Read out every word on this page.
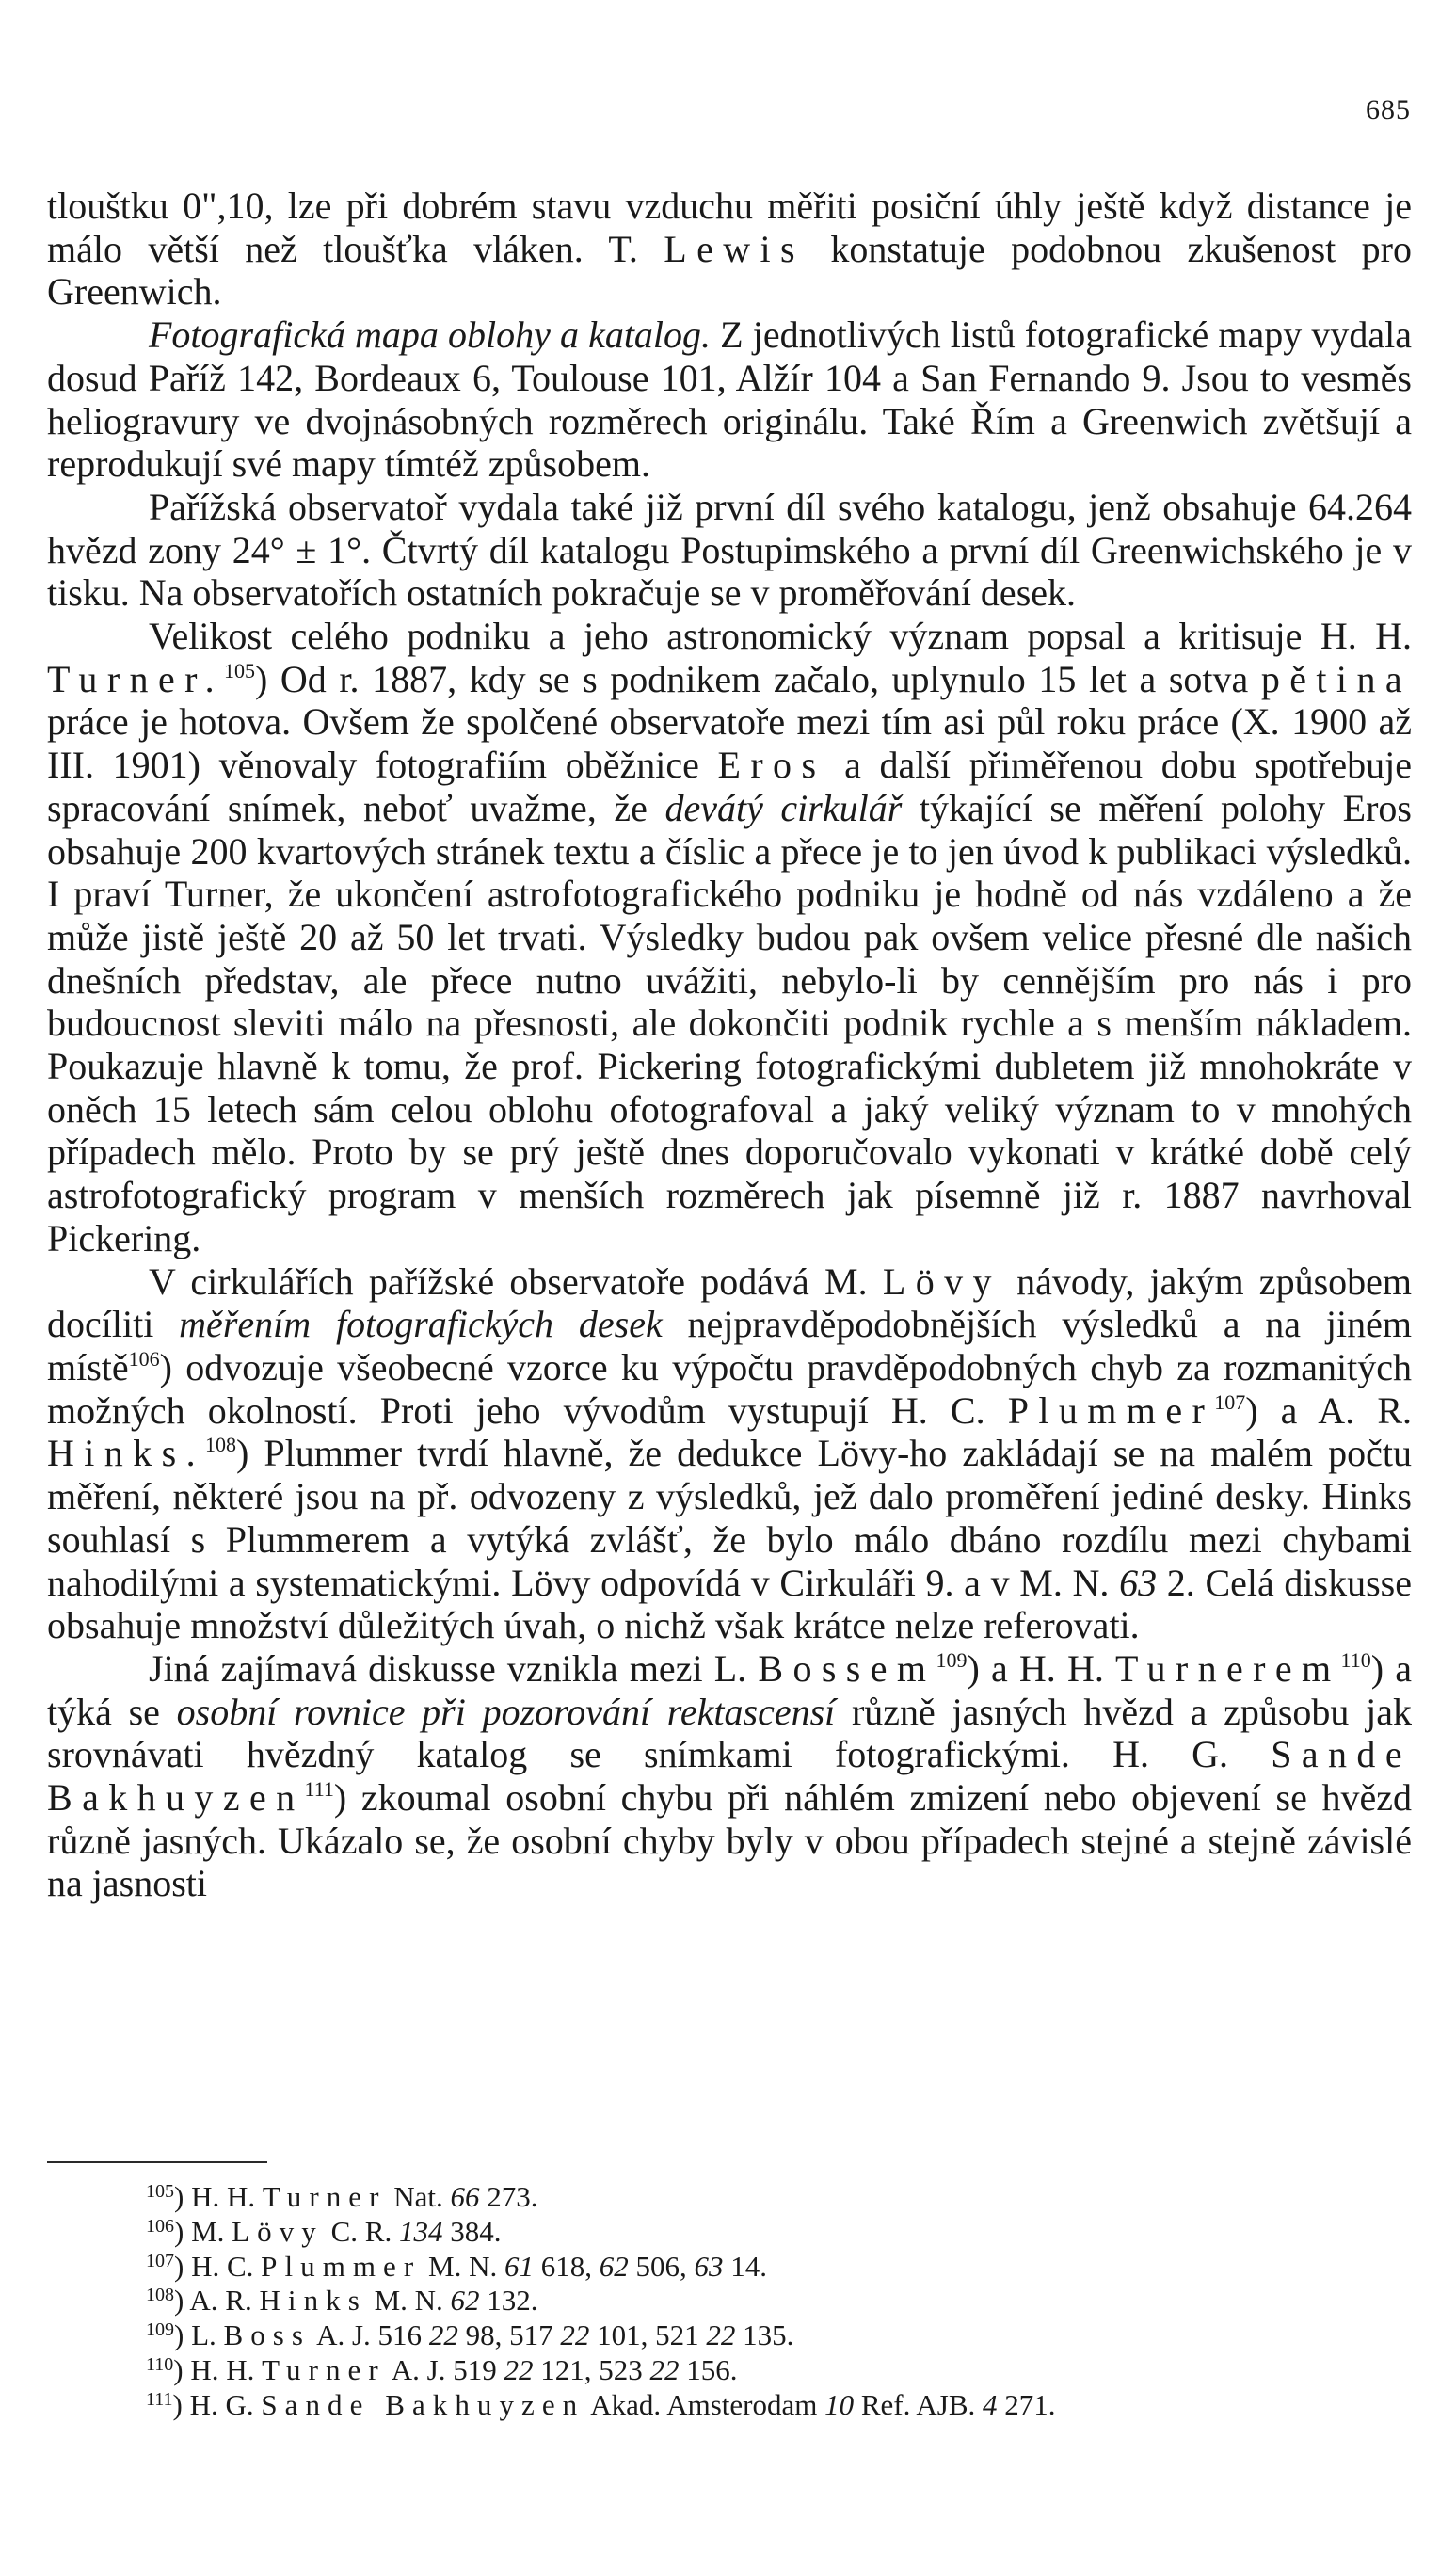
685

tlouštku 0",10, lze při dobrém stavu vzduchu měřiti posiční úhly ještě když distance je málo větší než tloušťka vláken. T. Lewis konstatuje podobnou zkušenost pro Greenwich.

Fotografická mapa oblohy a katalog. Z jednotlivých listů fotografické mapy vydala dosud Paříž 142, Bordeaux 6, Toulouse 101, Alžír 104 a San Fernando 9. Jsou to vesměs heliogravury ve dvojnásobných rozměrech originálu. Také Řím a Greenwich zvětšují a reprodukují své mapy tímtéž způsobem.

Pařížská observatoř vydala také již první díl svého katalogu, jenž obsahuje 64.264 hvězd zony 24° ± 1°. Čtvrtý díl katalogu Postupimského a první díl Greenwichského je v tisku. Na observatořích ostatních pokračuje se v proměřování desek.

Velikost celého podniku a jeho astronomický význam popsal a kritisuje H. H. Turner.$^{105}$) Od r. 1887, kdy se s podnikem začalo, uplynulo 15 let a sotva pětina práce je hotova. Ovšem že spolčené observatoře mezi tím asi půl roku práce (X. 1900 až III. 1901) věnovaly fotografiím oběžnice Eros a další přiměřenou dobu spotřebuje spracování snímek, neboť uvažme, že devátý cirkulář týkající se měření polohy Eros obsahuje 200 kvartových stránek textu a číslic a přece je to jen úvod k publikaci výsledků. I praví Turner, že ukončení astrofotografického podniku je hodně od nás vzdáleno a že může jistě ještě 20 až 50 let trvati. Výsledky budou pak ovšem velice přesné dle našich dnešních představ, ale přece nutno uvážiti, nebylo-li by cennějším pro nás i pro budoucnost sleviti málo na přesnosti, ale dokončiti podnik rychle a s menším nákladem. Poukazuje hlavně k tomu, že prof. Pickering fotografickými dubletem již mnohokráte v oněch 15 letech sám celou oblohu ofotografoval a jaký veliký význam to v mnohých případech mělo. Proto by se prý ještě dnes doporučovalo vykonati v krátké době celý astrofotografický program v menších rozměrech jak písemně již r. 1887 navrhoval Pickering.

V cirkulářích pařížské observatoře podává M. Lövy návody, jakým způsobem docíliti měřením fotografických desek nejpravděpodobnějších výsledků a na jiném místě$^{106}$) odvozuje všeobecné vzorce ku výpočtu pravděpodobných chyb za rozmanitých možných okolností. Proti jeho vývodům vystupují H. C. Plummer$^{107}$) a A. R. Hinks.$^{108}$) Plummer tvrdí hlavně, že dedukce Lövy-ho zakládají se na malém počtu měření, některé jsou na př. odvozeny z výsledků, jež dalo proměření jediné desky. Hinks souhlasí s Plummerem a vytýká zvlášť, že bylo málo dbáno rozdílu mezi chybami nahodilými a systematickými. Lövy odpovídá v Cirkuláři 9. a v M. N. 63 2. Celá diskusse obsahuje množství důležitých úvah, o nichž však krátce nelze referovati.

Jiná zajímavá diskusse vznikla mezi L. Bossem$^{109}$) a H. H. Turnerem$^{110}$) a týká se osobní rovnice při pozorování rektascensí různě jasných hvězd a způsobu jak srovnávati hvězdný katalog se snímkami fotografickými. H. G. Sande Bakhuyzen$^{111}$) zkoumal osobní chybu při náhlém zmizení nebo objevení se hvězd různě jasných. Ukázalo se, že osobní chyby byly v obou případech stejné a stejně závislé na jasnosti

$^{105}$) H. H. Turner Nat. 66 273.
$^{106}$) M. Lövy C. R. 134 384.
$^{107}$) H. C. Plummer M. N. 61 618, 62 506, 63 14.
$^{108}$) A. R. Hinks M. N. 62 132.
$^{109}$) L. Boss A. J. 516 22 98, 517 22 101, 521 22 135.
$^{110}$) H. H. Turner A. J. 519 22 121, 523 22 156.
$^{111}$) H. G. Sande Bakhuyzen Akad. Amsterodam 10 Ref. AJB. 4 271.
